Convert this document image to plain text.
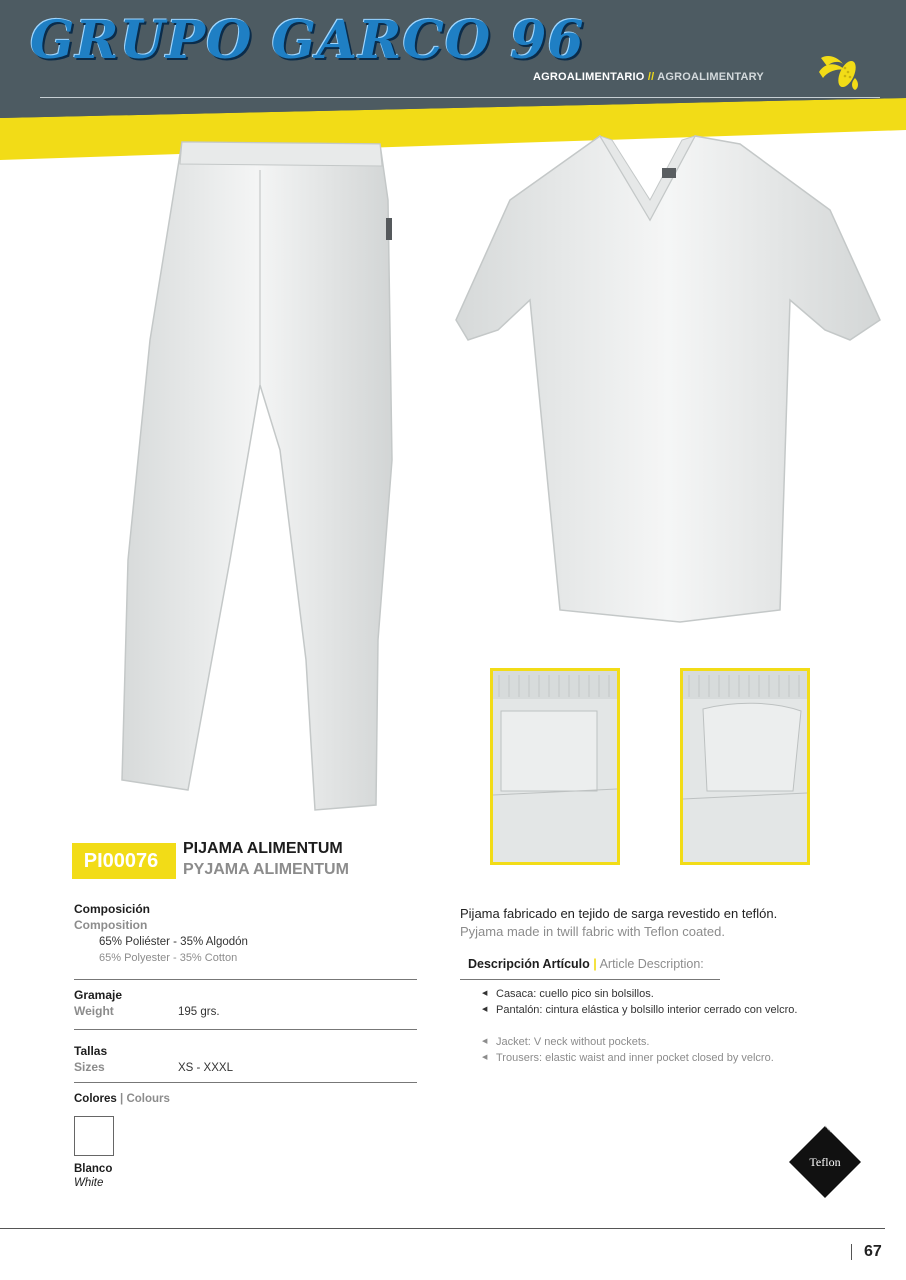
GRUPO GARCO 96
AGROALIMENTARIO // AGROALIMENTARY
PI00076
PIJAMA ALIMENTUM
PYJAMA ALIMENTUM
Composición
Composition
65% Poliéster - 35% Algodón
65% Polyester - 35% Cotton
Gramaje
Weight	195 grs.
Tallas
Sizes	XS - XXXL
Colores | Colours
Blanco
White
Pijama fabricado en tejido de sarga revestido en teflón.
Pyjama made in twill fabric with Teflon coated.
Descripción Artículo | Article Description:
◀ Casaca: cuello pico sin bolsillos.
◀ Pantalón: cintura elástica y bolsillo interior cerrado con velcro.
◀ Jacket: V neck without pockets.
◀ Trousers: elastic waist and inner pocket closed by velcro.
Teflon
67
